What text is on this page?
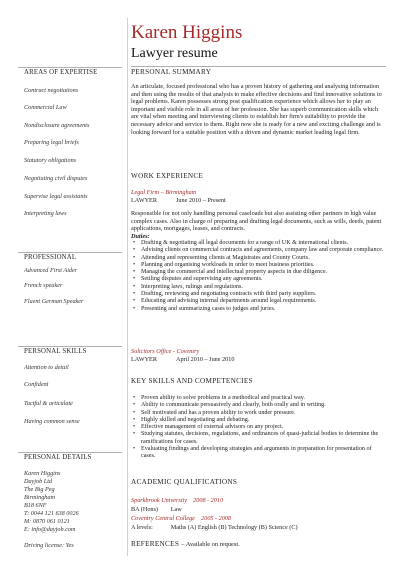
Karen Higgins
Lawyer resume
AREAS OF EXPERTISE
Contract negotiations
Commercial Law
Nondisclosure agreements
Preparing legal briefs
Statutory obligations
Negotiating civil disputes
Supervise legal assistants
Interpreting laws
PROFESSIONAL
Advanced First Aider
French speaker
Fluent German Speaker
PERSONAL SKILLS
Attention to detail
Confident
Tactful & articulate
Having common sense
PERSONAL DETAILS
Karen Higgins
Dayjob Ltd
The Big Peg
Birmingham
B18 6NF
T: 0044 121 638 0026
M: 0870 061 0121
E: info@dayjob.com
Driving license: Yes
PERSONAL SUMMARY
An articulate, focused professional who has a proven history of gathering and analysing information and then using the results of that analysis to make effective decisions and find innovative solutions to legal problems. Karen possesses strong post qualification experience which allows her to play an important and visible role in all areas of her profession. She has superb communication skills which are vital when meeting and interviewing clients to establish her firm's suitability to provide the necessary advice and service to them. Right now she is ready for a new and exciting challenge and is looking forward for a suitable position with a driven and dynamic market leading legal firm.
WORK EXPERIENCE
Legal Firm – Birmingham
LAWYER	June 2010 – Present
Responsible for not only handling personal caseloads but also assisting other partners in high value complex cases. Also in charge of preparing and drafting legal documents, such as wills, deeds, patent applications, mortgages, leases, and contracts.
Duties:
• Drafting & negotiating all legal documents for a range of UK & international clients.
• Advising clients on commercial contracts and agreements, company law and corporate compliance.
• Attending and representing clients at Magistrates and County Courts.
• Planning and organising workloads in order to meet business priorities.
• Managing the commercial and intellectual property aspects in due diligence.
• Settling disputes and supervising any agreements.
• Interpreting laws, rulings and regulations.
• Drafting, reviewing and negotiating contracts with third party suppliers.
• Educating and advising internal departments around legal requirements.
• Presenting and summarizing cases to judges and juries.
Solicitors Office - Coventry
LAWYER	April 2010 – June 2010
KEY SKILLS AND COMPETENCIES
• Proven ability to solve problems in a methodical and practical way.
• Ability to communicate persuasively and clearly, both orally and in writing.
• Self motivated and has a proven ability to work under pressure.
• Highly skilled and negotiating and debating.
• Effective management of external advisors on any project.
• Studying statutes, decisions, regulations, and ordinances of quasi-judicial bodies to determine the ramifications for cases.
• Evaluating findings and developing strategies and arguments in preparation for presentation of cases.
ACADEMIC QUALIFICATIONS
Sparkbrook University 2008 - 2010
BA (Hons) Law
Coventry Central College 2005 - 2008
A levels:	Maths (A) English (B) Technology (B) Science (C)
REFERENCES – Available on request.
